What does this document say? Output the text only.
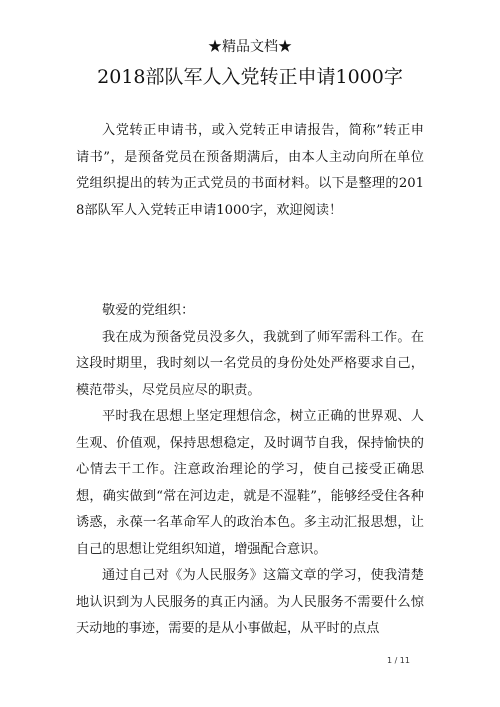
★精品文档★
2018部队军人入党转正申请1000字

入党转正申请书，或入党转正申请报告，简称”转正申请书”，是预备党员在预备期满后，由本人主动向所在单位党组织提出的转为正式党员的书面材料。以下是整理的2018部队军人入党转正申请1000字，欢迎阅读！

敬爱的党组织：

我在成为预备党员没多久，我就到了师军需科工作。在这段时期里，我时刻以一名党员的身份处处严格要求自己，模范带头，尽党员应尽的职责。

平时我在思想上坚定理想信念，树立正确的世界观、人生观、价值观，保持思想稳定，及时调节自我，保持愉快的心情去干工作。注意政治理论的学习，使自己接受正确思想，确实做到“常在河边走，就是不湿鞋”，能够经受住各种诱惑，永葆一名革命军人的政治本色。多主动汇报思想，让自己的思想让党组织知道，增强配合意识。

通过自己对《为人民服务》这篇文章的学习，使我清楚地认识到为人民服务的真正内涵。为人民服务不需要什么惊天动地的事迹，需要的是从小事做起，从平时的点点

1 / 11
